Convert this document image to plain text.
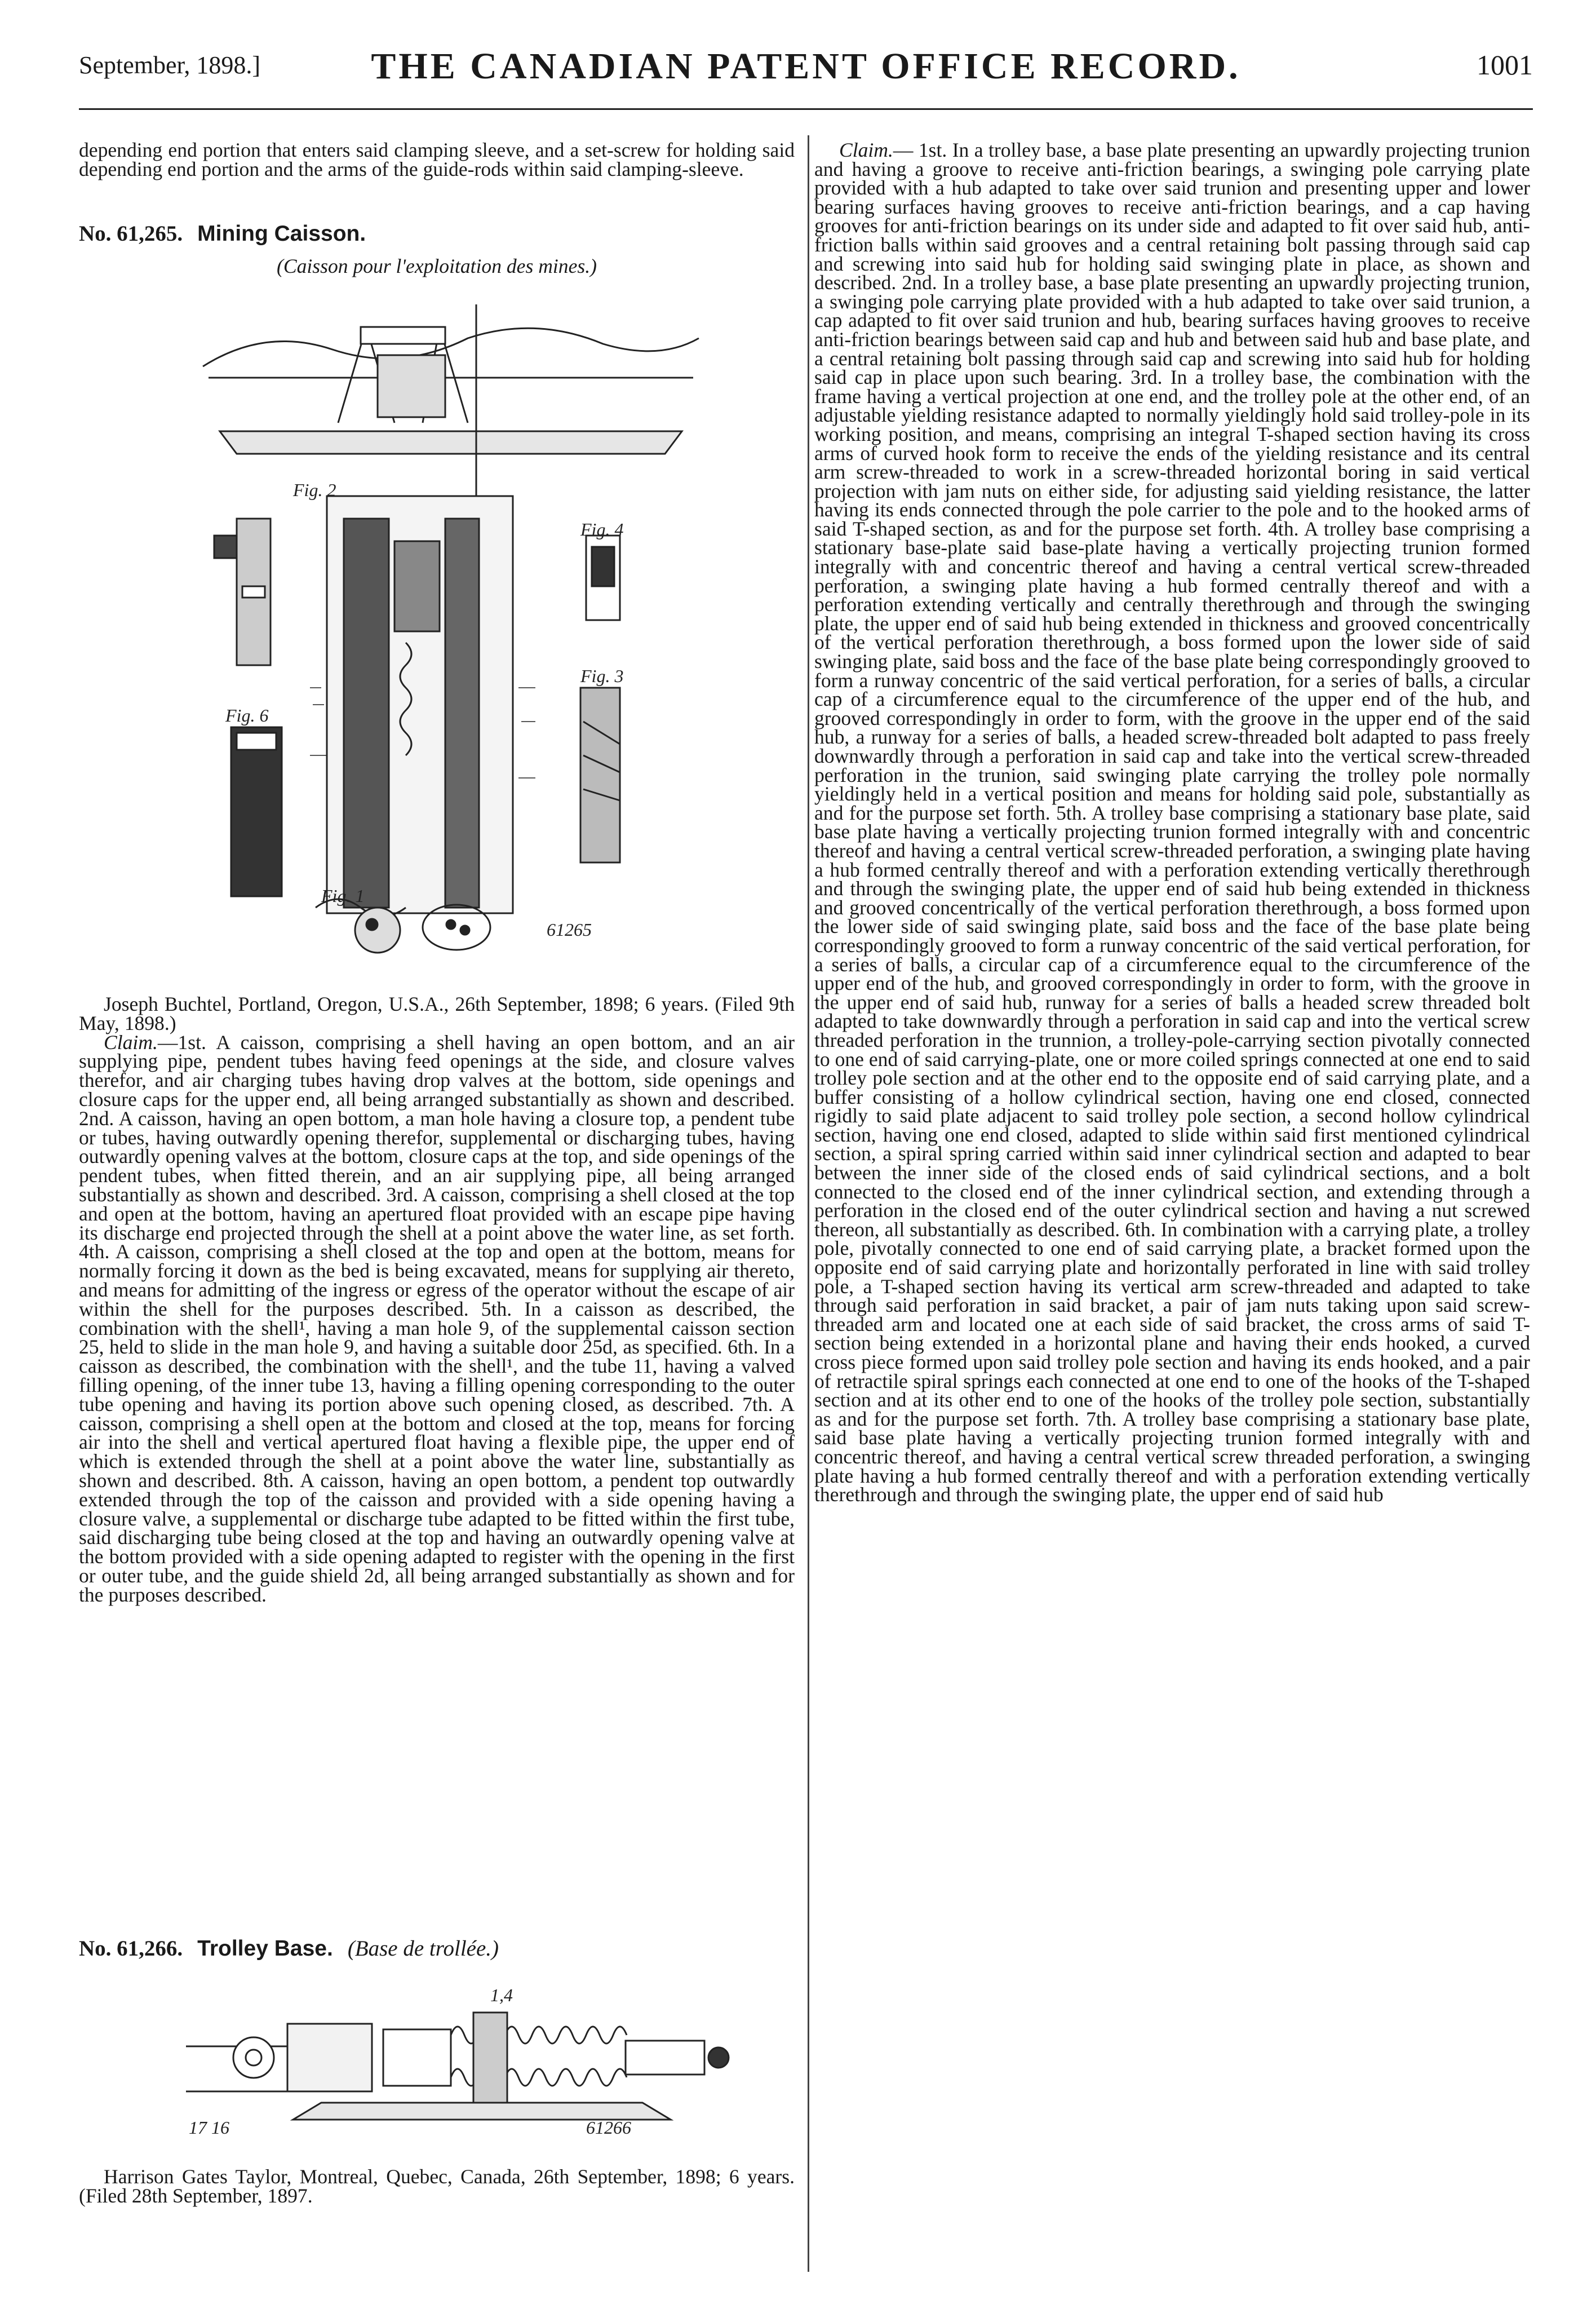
September, 1898.]	THE CANADIAN PATENT OFFICE RECORD.	1001

depending end portion that enters said clamping sleeve, and a set-screw for holding said depending end portion and the arms of the guide-rods within said clamping-sleeve.

No. 61,265. Mining Caisson.
(Caisson pour l'exploitation des mines.)
Fig. 2
Fig. 4
Fig. 6
Fig. 3
Fig. 1
61265

Joseph Buchtel, Portland, Oregon, U.S.A., 26th September, 1898; 6 years. (Filed 9th May, 1898.)

Claim.—1st. A caisson, comprising a shell having an open bottom, and an air supplying pipe, pendent tubes having feed openings at the side, and closure valves therefor, and air charging tubes having drop valves at the bottom, side openings and closure caps for the upper end, all being arranged substantially as shown and described. 2nd. A caisson, having an open bottom, a man hole having a closure top, a pendent tube or tubes, having outwardly opening therefor, supplemental or discharging tubes, having outwardly opening valves at the bottom, closure caps at the top, and side openings of the pendent tubes, when fitted therein, and an air supplying pipe, all being arranged substantially as shown and described. 3rd. A caisson, comprising a shell closed at the top and open at the bottom, having an apertured float provided with an escape pipe having its discharge end projected through the shell at a point above the water line, as set forth. 4th. A caisson, comprising a shell closed at the top and open at the bottom, means for normally forcing it down as the bed is being excavated, means for supplying air thereto, and means for admitting of the ingress or egress of the operator without the escape of air within the shell for the purposes described. 5th. In a caisson as described, the combination with the shell¹, having a man hole 9, of the supplemental caisson section 25, held to slide in the man hole 9, and having a suitable door 25d, as specified. 6th. In a caisson as described, the combination with the shell¹, and the tube 11, having a valved filling opening, of the inner tube 13, having a filling opening corresponding to the outer tube opening and having its portion above such opening closed, as described. 7th. A caisson, comprising a shell open at the bottom and closed at the top, means for forcing air into the shell and vertical apertured float having a flexible pipe, the upper end of which is extended through the shell at a point above the water line, substantially as shown and described. 8th. A caisson, having an open bottom, a pendent top outwardly extended through the top of the caisson and provided with a side opening having a closure valve, a supplemental or discharge tube adapted to be fitted within the first tube, said discharging tube being closed at the top and having an outwardly opening valve at the bottom provided with a side opening adapted to register with the opening in the first or outer tube, and the guide shield 2d, all being arranged substantially as shown and for the purposes described.

No. 61,266. Trolley Base. (Base de trollée.)
1,4
17 16	61266

Harrison Gates Taylor, Montreal, Quebec, Canada, 26th September, 1898; 6 years. (Filed 28th September, 1897.

Claim.— 1st. In a trolley base, a base plate presenting an upwardly projecting trunion and having a groove to receive anti-friction bearings, a swinging pole carrying plate provided with a hub adapted to take over said trunion and presenting upper and lower bearing surfaces having grooves to receive anti-friction bearings, and a cap having grooves for anti-friction bearings on its under side and adapted to fit over said hub, anti-friction balls within said grooves and a central retaining bolt passing through said cap and screwing into said hub for holding said swinging plate in place, as shown and described. 2nd. In a trolley base, a base plate presenting an upwardly projecting trunion, a swinging pole carrying plate provided with a hub adapted to take over said trunion, a cap adapted to fit over said trunion and hub, bearing surfaces having grooves to receive anti-friction bearings between said cap and hub and between said hub and base plate, and a central retaining bolt passing through said cap and screwing into said hub for holding said cap in place upon such bearing. 3rd. In a trolley base, the combination with the frame having a vertical projection at one end, and the trolley pole at the other end, of an adjustable yielding resistance adapted to normally yieldingly hold said trolley-pole in its working position, and means, comprising an integral T-shaped section having its cross arms of curved hook form to receive the ends of the yielding resistance and its central arm screw-threaded to work in a screw-threaded horizontal boring in said vertical projection with jam nuts on either side, for adjusting said yielding resistance, the latter having its ends connected through the pole carrier to the pole and to the hooked arms of said T-shaped section, as and for the purpose set forth. 4th. A trolley base comprising a stationary base-plate said base-plate having a vertically projecting trunion formed integrally with and concentric thereof and having a central vertical screw-threaded perforation, a swinging plate having a hub formed centrally thereof and with a perforation extending vertically and centrally therethrough and through the swinging plate, the upper end of said hub being extended in thickness and grooved concentrically of the vertical perforation therethrough, a boss formed upon the lower side of said swinging plate, said boss and the face of the base plate being correspondingly grooved to form a runway concentric of the said vertical perforation, for a series of balls, a circular cap of a circumference equal to the circumference of the upper end of the hub, and grooved correspondingly in order to form, with the groove in the upper end of the said hub, a runway for a series of balls, a headed screw-threaded bolt adapted to pass freely downwardly through a perforation in said cap and take into the vertical screw-threaded perforation in the trunion, said swinging plate carrying the trolley pole normally yieldingly held in a vertical position and means for holding said pole, substantially as and for the purpose set forth. 5th. A trolley base comprising a stationary base plate, said base plate having a vertically projecting trunion formed integrally with and concentric thereof and having a central vertical screw-threaded perforation, a swinging plate having a hub formed centrally thereof and with a perforation extending vertically therethrough and through the swinging plate, the upper end of said hub being extended in thickness and grooved concentrically of the vertical perforation therethrough, a boss formed upon the lower side of said swinging plate, said boss and the face of the base plate being correspondingly grooved to form a runway concentric of the said vertical perforation, for a series of balls, a circular cap of a circumference equal to the circumference of the upper end of the hub, and grooved correspondingly in order to form, with the groove in the upper end of said hub, runway for a series of balls a headed screw threaded bolt adapted to take downwardly through a perforation in said cap and into the vertical screw threaded perforation in the trunnion, a trolley-pole-carrying section pivotally connected to one end of said carrying-plate, one or more coiled springs connected at one end to said trolley pole section and at the other end to the opposite end of said carrying plate, and a buffer consisting of a hollow cylindrical section, having one end closed, connected rigidly to said plate adjacent to said trolley pole section, a second hollow cylindrical section, having one end closed, adapted to slide within said first mentioned cylindrical section, a spiral spring carried within said inner cylindrical section and adapted to bear between the inner side of the closed ends of said cylindrical sections, and a bolt connected to the closed end of the inner cylindrical section, and extending through a perforation in the closed end of the outer cylindrical section and having a nut screwed thereon, all substantially as described. 6th. In combination with a carrying plate, a trolley pole, pivotally connected to one end of said carrying plate, a bracket formed upon the opposite end of said carrying plate and horizontally perforated in line with said trolley pole, a T-shaped section having its vertical arm screw-threaded and adapted to take through said perforation in said bracket, a pair of jam nuts taking upon said screw-threaded arm and located one at each side of said bracket, the cross arms of said T-section being extended in a horizontal plane and having their ends hooked, a curved cross piece formed upon said trolley pole section and having its ends hooked, and a pair of retractile spiral springs each connected at one end to one of the hooks of the T-shaped section and at its other end to one of the hooks of the trolley pole section, substantially as and for the purpose set forth. 7th. A trolley base comprising a stationary base plate, said base plate having a vertically projecting trunion formed integrally with and concentric thereof, and having a central vertical screw threaded perforation, a swinging plate having a hub formed centrally thereof and with a perforation extending vertically therethrough and through the swinging plate, the upper end of said hub
